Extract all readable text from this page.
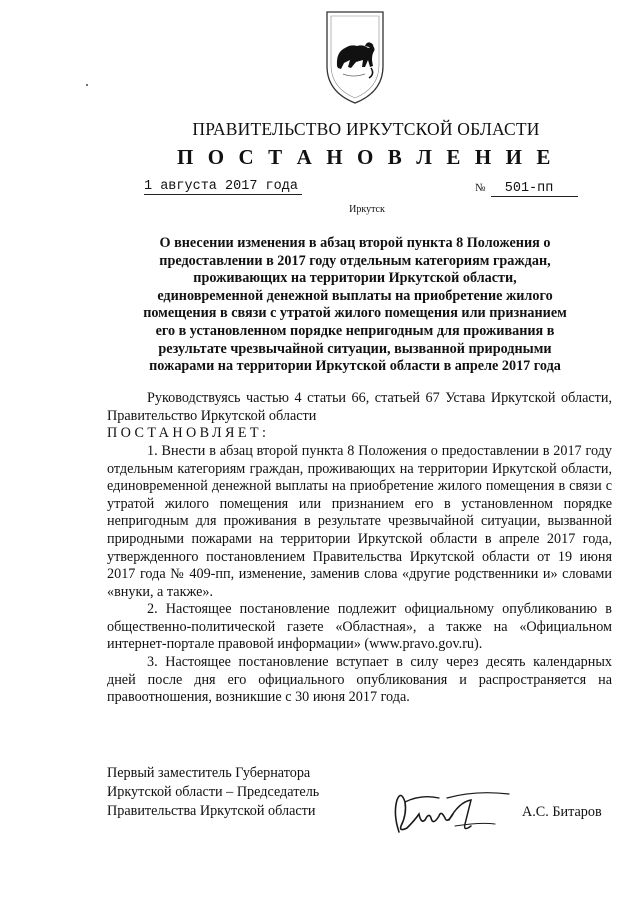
ПРАВИТЕЛЬСТВО ИРКУТСКОЙ ОБЛАСТИ
П О С Т А Н О В Л Е Н И Е
1 августа 2017 года	№ 501-пп
Иркутск
О внесении изменения в абзац второй пункта 8 Положения о предоставлении в 2017 году отдельным категориям граждан, проживающих на территории Иркутской области, единовременной денежной выплаты на приобретение жилого помещения в связи с утратой жилого помещения или признанием его в установленном порядке непригодным для проживания в результате чрезвычайной ситуации, вызванной природными пожарами на территории Иркутской области в апреле 2017 года
Руководствуясь частью 4 статьи 66, статьей 67 Устава Иркутской области, Правительство Иркутской области
ПОСТАНОВЛЯЕТ:
1. Внести в абзац второй пункта 8 Положения о предоставлении в 2017 году отдельным категориям граждан, проживающих на территории Иркутской области, единовременной денежной выплаты на приобретение жилого помещения в связи с утратой жилого помещения или признанием его в установленном порядке непригодным для проживания в результате чрезвычайной ситуации, вызванной природными пожарами на территории Иркутской области в апреле 2017 года, утвержденного постановлением Правительства Иркутской области от 19 июня 2017 года № 409-пп, изменение, заменив слова «другие родственники и» словами «внуки, а также».
2. Настоящее постановление подлежит официальному опубликованию в общественно-политической газете «Областная», а также на «Официальном интернет-портале правовой информации» (www.pravo.gov.ru).
3. Настоящее постановление вступает в силу через десять календарных дней после дня его официального опубликования и распространяется на правоотношения, возникшие с 30 июня 2017 года.
Первый заместитель Губернатора
Иркутской области – Председатель
Правительства Иркутской области	А.С. Битаров
